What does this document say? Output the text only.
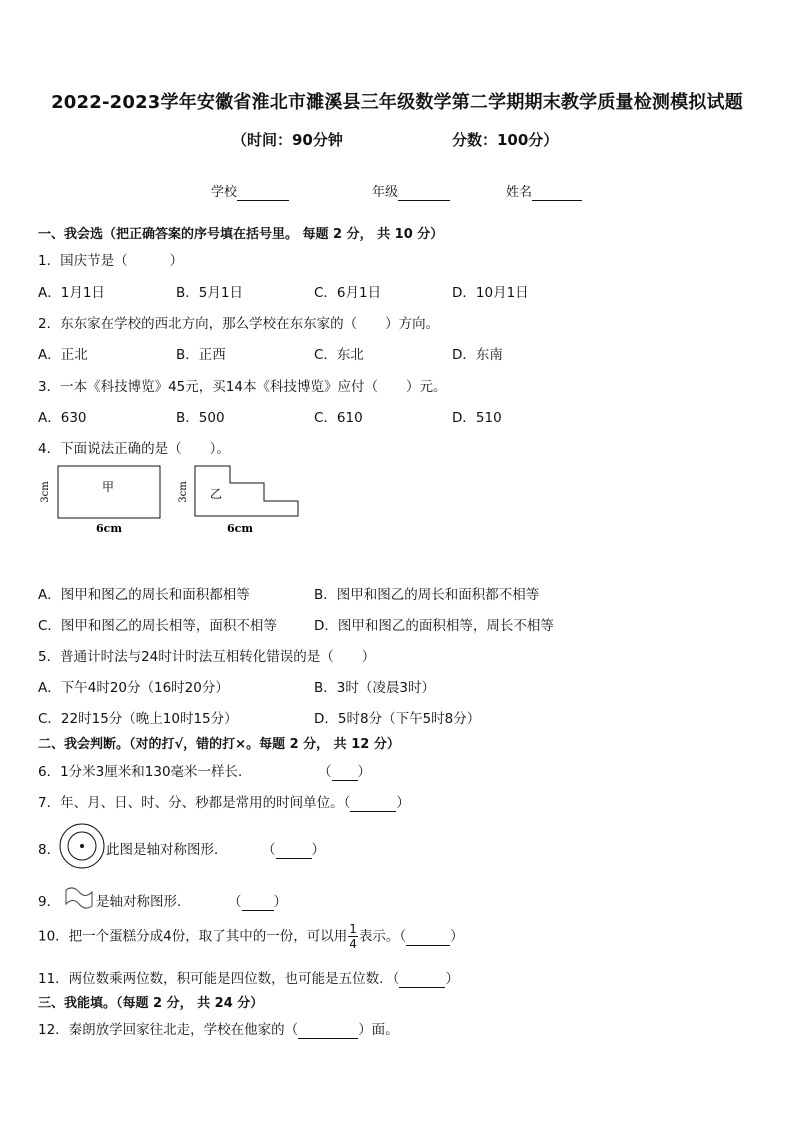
2022-2023学年安徽省淮北市濉溪县三年级数学第二学期期末教学质量检测模拟试题
（时间：90分钟	分数：100分）
学校	年级	姓名
一、我会选（把正确答案的序号填在括号里。 每题 2 分， 共 10 分）
1．国庆节是（	）
A．1月1日	B．5月1日	C．6月1日	D．10月1日
2．东东家在学校的西北方向，那么学校在东东家的（ ）方向。
A．正北	B．正西	C．东北	D．东南
3．一本《科技博览》45元，买14本《科技博览》应付（ ）元。
A．630	B．500	C．610	D．510
4．下面说法正确的是（ ）。
甲
3cm
6cm
乙
3cm
6cm
A．图甲和图乙的周长和面积都相等	B．图甲和图乙的周长和面积都不相等
C．图甲和图乙的周长相等，面积不相等	D．图甲和图乙的面积相等，周长不相等
5．普通计时法与24时计时法互相转化错误的是（ ）
A．下午4时20分（16时20分）	B．3时（凌晨3时）
C．22时15分（晚上10时15分）	D．5时8分（下午5时8分）
二、我会判断。（对的打√，错的打×。每题 2 分， 共 12 分）
6．1分米3厘米和130毫米一样长．	（ ）
7．年、月、日、时、分、秒都是常用的时间单位。（	）
8．	此图是轴对称图形．	（	）
9．	是轴对称图形．	（ ）
10．把一个蛋糕分成4份，取了其中的一份，可以用 $\frac{1}{4}$ 表示。（	）
11．两位数乘两位数，积可能是四位数，也可能是五位数．（	）
三、我能填。（每题 2 分， 共 24 分）
12．秦朗放学回家往北走，学校在他家的（	）面。
